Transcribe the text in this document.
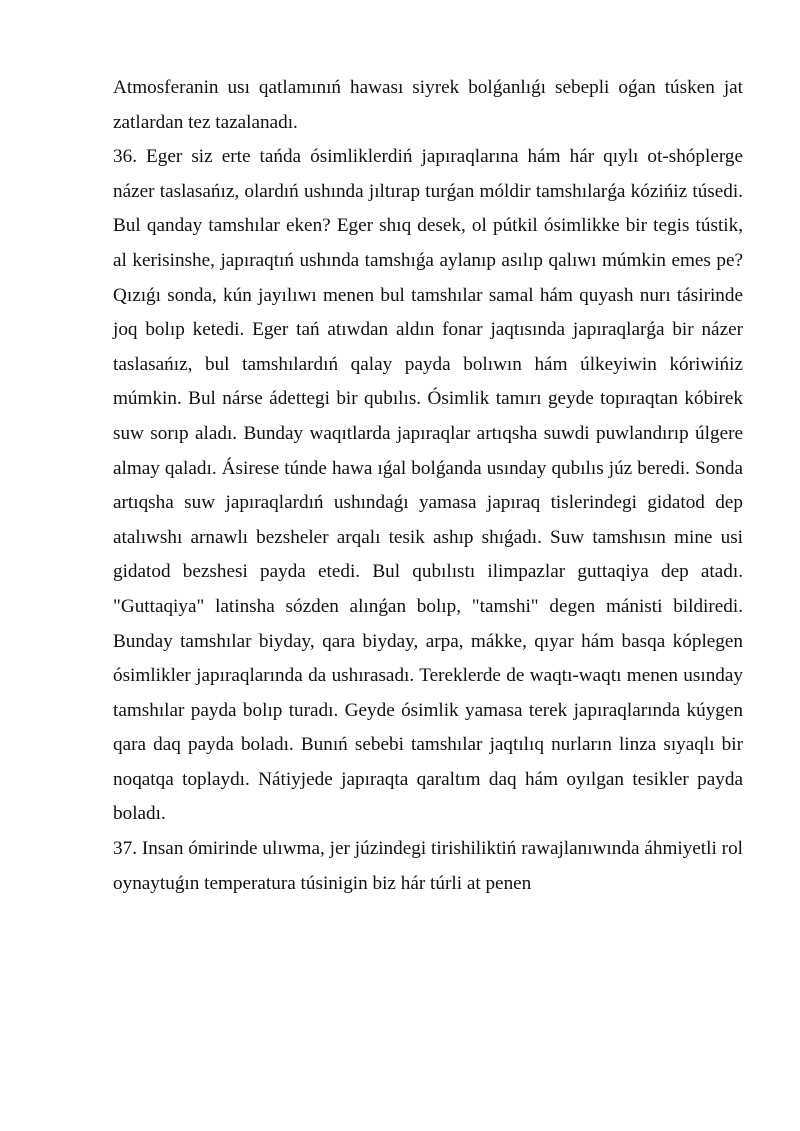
Atmosferanin usı qatlamınıń hawası siyrek bolǵanlıǵı sebepli oǵan túsken jat zatlardan tez tazalanadı.

36. Eger siz erte tańda ósimliklerdiń japıraqlarına hám hár qıylı ot-shóplerge názer taslasańız, olardıń ushında jıltırap turǵan móldir tamshılarǵa kózińiz túsedi. Bul qanday tamshılar eken? Eger shıq desek, ol pútkil ósimlikke bir tegis tústik, al kerisinshe, japıraqtıń ushında tamshıǵa aylanıp asılıp qalıwı múmkin emes pe? Qızıǵı sonda, kún jayılıwı menen bul tamshılar samal hám quyash nurı tásirinde joq bolıp ketedi. Eger tań atıwdan aldın fonar jaqtısında japıraqlarǵa bir názer taslasańız, bul tamshılardıń qalay payda bolıwın hám úlkeyiwin kóriwińiz múmkin. Bul nárse ádettegi bir qubılıs. Ósimlik tamırı geyde topıraqtan kóbirek suw sorıp aladı. Bunday waqıtlarda japıraqlar artıqsha suwdi puwlandırıp úlgere almay qaladı. Ásirese túnde hawa ıǵal bolǵanda usınday qubılıs júz beredi. Sonda artıqsha suw japıraqlardıń ushındaǵı yamasa japıraq tislerindegi gidatod dep atalıwshı arnawlı bezsheler arqalı tesik ashıp shıǵadı. Suw tamshısın mine usi gidatod bezshesi payda etedi. Bul qubılıstı ilimpazlar guttaqiya dep atadı. "Guttaqiya" latinsha sózden alınǵan bolıp, "tamshi" degen mánisti bildiredi. Bunday tamshılar biyday, qara biyday, arpa, mákke, qıyar hám basqa kóplegen ósimlikler japıraqlarında da ushırasadı. Tereklerde de waqtı-waqtı menen usınday tamshılar payda bolıp turadı. Geyde ósimlik yamasa terek japıraqlarında kúygen qara daq payda boladı. Bunıń sebebi tamshılar jaqtılıq nurların linza sıyaqlı bir noqatqa toplaydı. Nátiyjede japıraqta qaraltım daq hám oyılgan tesikler payda boladı.

37. Insan ómirinde ulıwma, jer júzindegi tirishiliktiń rawajlanıwında áhmiyetli rol oynaytuǵın temperatura túsinigin biz hár túrli at penen
